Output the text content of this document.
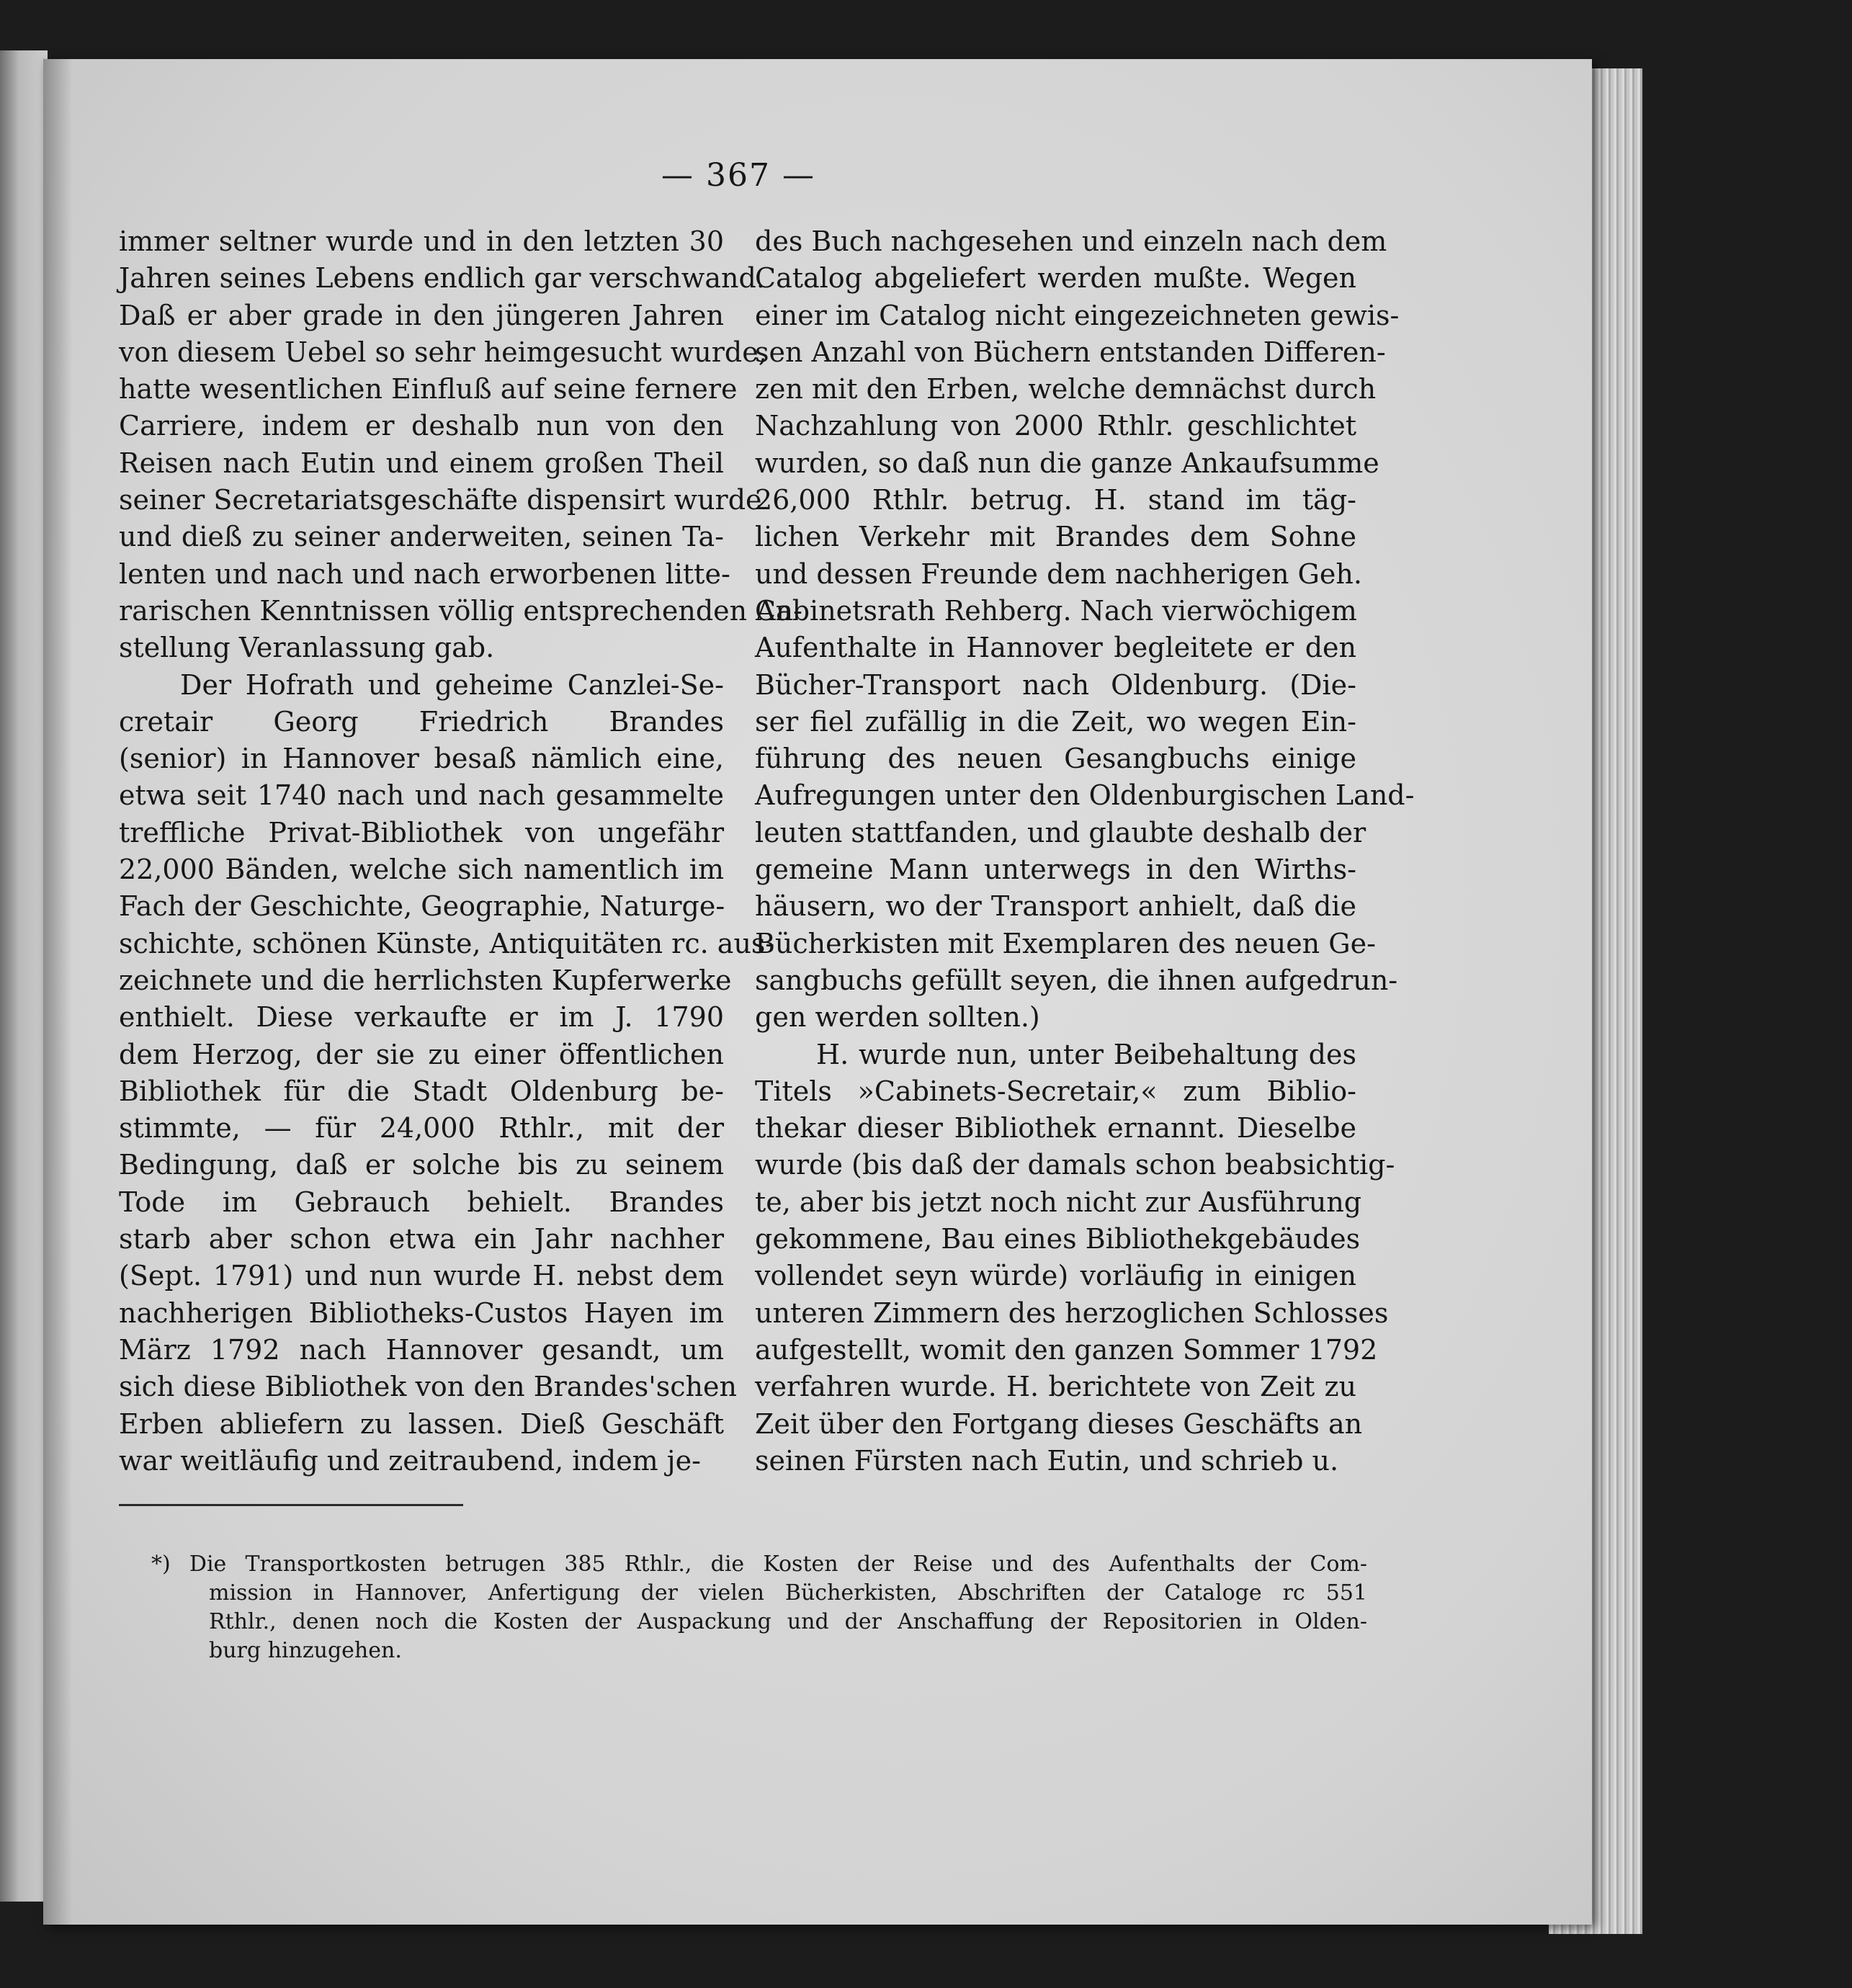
— 367 —

immer seltner wurde und in den letzten 30
Jahren seines Lebens endlich gar verschwand.
Daß er aber grade in den jüngeren Jahren
von diesem Uebel so sehr heimgesucht wurde,
hatte wesentlichen Einfluß auf seine fernere
Carriere, indem er deshalb nun von den
Reisen nach Eutin und einem großen Theil
seiner Secretariatsgeschäfte dispensirt wurde
und dieß zu seiner anderweiten, seinen Ta-
lenten und nach und nach erworbenen litte-
rarischen Kenntnissen völlig entsprechenden An-
stellung Veranlassung gab.
Der Hofrath und geheime Canzlei-Se-
cretair Georg Friedrich Brandes
(senior) in Hannover besaß nämlich eine,
etwa seit 1740 nach und nach gesammelte
treffliche Privat-Bibliothek von ungefähr
22,000 Bänden, welche sich namentlich im
Fach der Geschichte, Geographie, Naturge-
schichte, schönen Künste, Antiquitäten rc. aus-
zeichnete und die herrlichsten Kupferwerke
enthielt. Diese verkaufte er im J. 1790
dem Herzog, der sie zu einer öffentlichen
Bibliothek für die Stadt Oldenburg be-
stimmte, — für 24,000 Rthlr., mit der
Bedingung, daß er solche bis zu seinem
Tode im Gebrauch behielt. Brandes
starb aber schon etwa ein Jahr nachher
(Sept. 1791) und nun wurde H. nebst dem
nachherigen Bibliotheks-Custos Hayen im
März 1792 nach Hannover gesandt, um
sich diese Bibliothek von den Brandes'schen
Erben abliefern zu lassen. Dieß Geschäft
war weitläufig und zeitraubend, indem je-
des Buch nachgesehen und einzeln nach dem
Catalog abgeliefert werden mußte. Wegen
einer im Catalog nicht eingezeichneten gewis-
sen Anzahl von Büchern entstanden Differen-
zen mit den Erben, welche demnächst durch
Nachzahlung von 2000 Rthlr. geschlichtet
wurden, so daß nun die ganze Ankaufsumme
26,000 Rthlr. betrug. H. stand im täg-
lichen Verkehr mit Brandes dem Sohne
und dessen Freunde dem nachherigen Geh.
Cabinetsrath Rehberg. Nach vierwöchigem
Aufenthalte in Hannover begleitete er den
Bücher-Transport nach Oldenburg. (Die-
ser fiel zufällig in die Zeit, wo wegen Ein-
führung des neuen Gesangbuchs einige
Aufregungen unter den Oldenburgischen Land-
leuten stattfanden, und glaubte deshalb der
gemeine Mann unterwegs in den Wirths-
häusern, wo der Transport anhielt, daß die
Bücherkisten mit Exemplaren des neuen Ge-
sangbuchs gefüllt seyen, die ihnen aufgedrun-
gen werden sollten.)
H. wurde nun, unter Beibehaltung des
Titels »Cabinets-Secretair,« zum Biblio-
thekar dieser Bibliothek ernannt. Dieselbe
wurde (bis daß der damals schon beabsichtig-
te, aber bis jetzt noch nicht zur Ausführung
gekommene, Bau eines Bibliothekgebäudes
vollendet seyn würde) vorläufig in einigen
unteren Zimmern des herzoglichen Schlosses
aufgestellt, womit den ganzen Sommer 1792
verfahren wurde. H. berichtete von Zeit zu
Zeit über den Fortgang dieses Geschäfts an
seinen Fürsten nach Eutin, und schrieb u.
*) Die Transportkosten betrugen 385 Rthlr., die Kosten der Reise und des Aufenthalts der Com-
mission in Hannover, Anfertigung der vielen Bücherkisten, Abschriften der Cataloge rc 551
Rthlr., denen noch die Kosten der Auspackung und der Anschaffung der Repositorien in Olden-
burg hinzugehen.
